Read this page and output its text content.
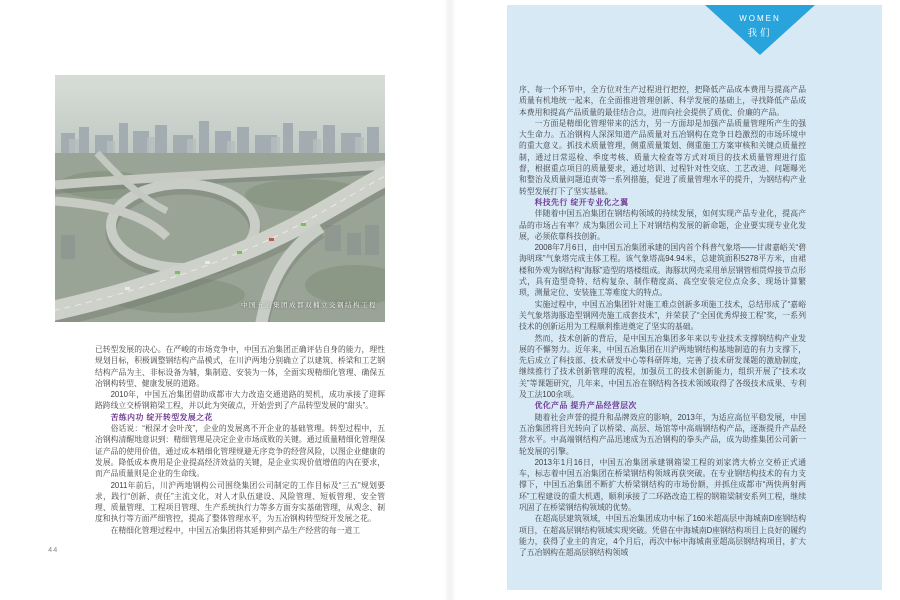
中国五冶集团成都双楠立交钢结构工程
已转型发展的决心。在严峻的市场竞争中，中国五冶集团正确评估自身的能力，理性规划目标，积极调整钢结构产品模式，在川沪两地分别确立了以建筑、桥梁和工艺钢结构产品为主、非标设备为辅，集制造、安装为一体，全面实现精细化管理、确保五冶钢构转型、健康发展的道路。
2010年，中国五冶集团借助成都市大力改造交通道路的契机，成功承接了迎晖路跨线立交桥钢箱梁工程，并以此为突破点，开始尝到了产品转型发展的“甜头”。
苦练内功 绽开转型发展之花
俗话说：“根深才会叶茂”，企业的发展离不开企业的基础管理。转型过程中，五冶钢构清醒地意识到：精细管理是决定企业市场成败的关键。通过质量精细化管理保证产品的使用价值，通过成本精细化管理规避无序竞争的经营风险，以图企业健康的发展。降低成本费用是企业提高经济效益的关键，是企业实现价值增值的内在要求，而产品质量则是企业的生命线。
2011年前后，川沪两地钢构公司围绕集团公司制定的工作目标及“三五”规划要求，践行“创新、责任”主流文化，对人才队伍建设、风险管理、短板管理、安全管理、质量管理、工程项目管理、生产系统执行力等多方面夯实基础管理，从观念、制度和执行等方面严细管控，提高了整体管理水平，为五冶钢构转型绽开发展之花。
在精细化管理过程中，中国五冶集团将其延伸到产品生产经营的每一道工
44
WOMEN
我们
序、每一个环节中，全方位对生产过程进行把控，把降低产品成本费用与提高产品质量有机地统一起来，在全面推进管理创新、科学发展的基础上，寻找降低产品成本费用和提高产品质量的最佳结合点，进而向社会提供了质优、价廉的产品。
一方面是精细化管理带来的活力，另一方面却是加强产品质量管理所产生的强大生命力。五冶钢构人深深知道产品质量对五冶钢构在竞争日趋激烈的市场环境中的重大意义。抓技术质量管理，侧重质量策划、侧重施工方案审核和关键点质量控制，通过日常巡检、季度考核、质量大检查等方式对项目的技术质量管理进行监督，根据重点项目的质量要求，通过培训、过程针对性交底、工艺改进、问题曝光和整治及质量问题追责等一系列措施，促进了质量管理水平的提升，为钢结构产业转型发展打下了坚实基础。
科技先行 绽开专业化之翼
伴随着中国五冶集团在钢结构领域的持续发展，如何实现产品专业化，提高产品的市场占有率？成为集团公司上下对钢结构发展的新命题，企业要实现专业化发展，必须依靠科技创新。
2008年7月6日，由中国五冶集团承建的国内首个科普气象塔——甘肃嘉峪关“碧海明珠”气象塔完成主体工程。该气象塔高94.94米，总建筑面积5278平方米，由裙楼和外观为钢结构“海豚”造型的塔楼组成。海豚状网壳采用单层钢管相贯焊接节点形式，具有造型奇特、结构复杂、制作精度高、高空安装定位点众多、现场计算繁琐，测量定位、安装施工等难度大的特点。
实施过程中，中国五冶集团针对施工难点创新多项施工技术，总结形成了“嘉峪关气象塔海豚造型钢网壳施工成套技术”，并荣获了“全国优秀焊接工程”奖，一系列技术的创新运用为工程顺利推进奠定了坚实的基础。
然而，技术创新的背后，是中国五冶集团多年来以专业技术支撑钢结构产业发展的不懈努力。近年来，中国五冶集团在川沪两地钢结构基地制造的有力支撑下，先后成立了科技部、技术研发中心等科研阵地，完善了技术研发课题的激励制度，继续推行了技术创新管理的流程，加强员工的技术创新能力，组织开展了“技术攻关”等课题研究，几年来，中国五冶在钢结构各技术领域取得了各级技术成果、专利及工法100余项。
优化产品 提升产品经营层次
随着社会声誉的提升和品牌效应的影响，2013年，为适应高位平稳发展，中国五冶集团将目光转向了以桥梁、高层、场馆等中高端钢结构产品，逐渐提升产品经营水平。中高端钢结构产品迅速成为五冶钢构的拳头产品，成为助推集团公司新一轮发展的引擎。
2013年1月16日，中国五冶集团承建钢箱梁工程的刘家湾大桥立交桥正式通车，标志着中国五冶集团在桥梁钢结构领域再获突破。在专业钢结构技术的有力支撑下，中国五冶集团不断扩大桥梁钢结构的市场份额，并抓住成都市“两快两射两环”工程建设的重大机遇，顺利承接了二环路改造工程的钢箱梁制安系列工程，继续巩固了在桥梁钢结构领域的优势。
在超高层建筑领域，中国五冶集团成功中标了160米超高层中海城南D座钢结构项目，在超高层钢结构领域实现突破。凭借在中海城南D座钢结构项目上良好的履约能力，获得了业主的肯定，4个月后，再次中标中海城南亚超高层钢结构项目，扩大了五冶钢构在超高层钢结构领域
